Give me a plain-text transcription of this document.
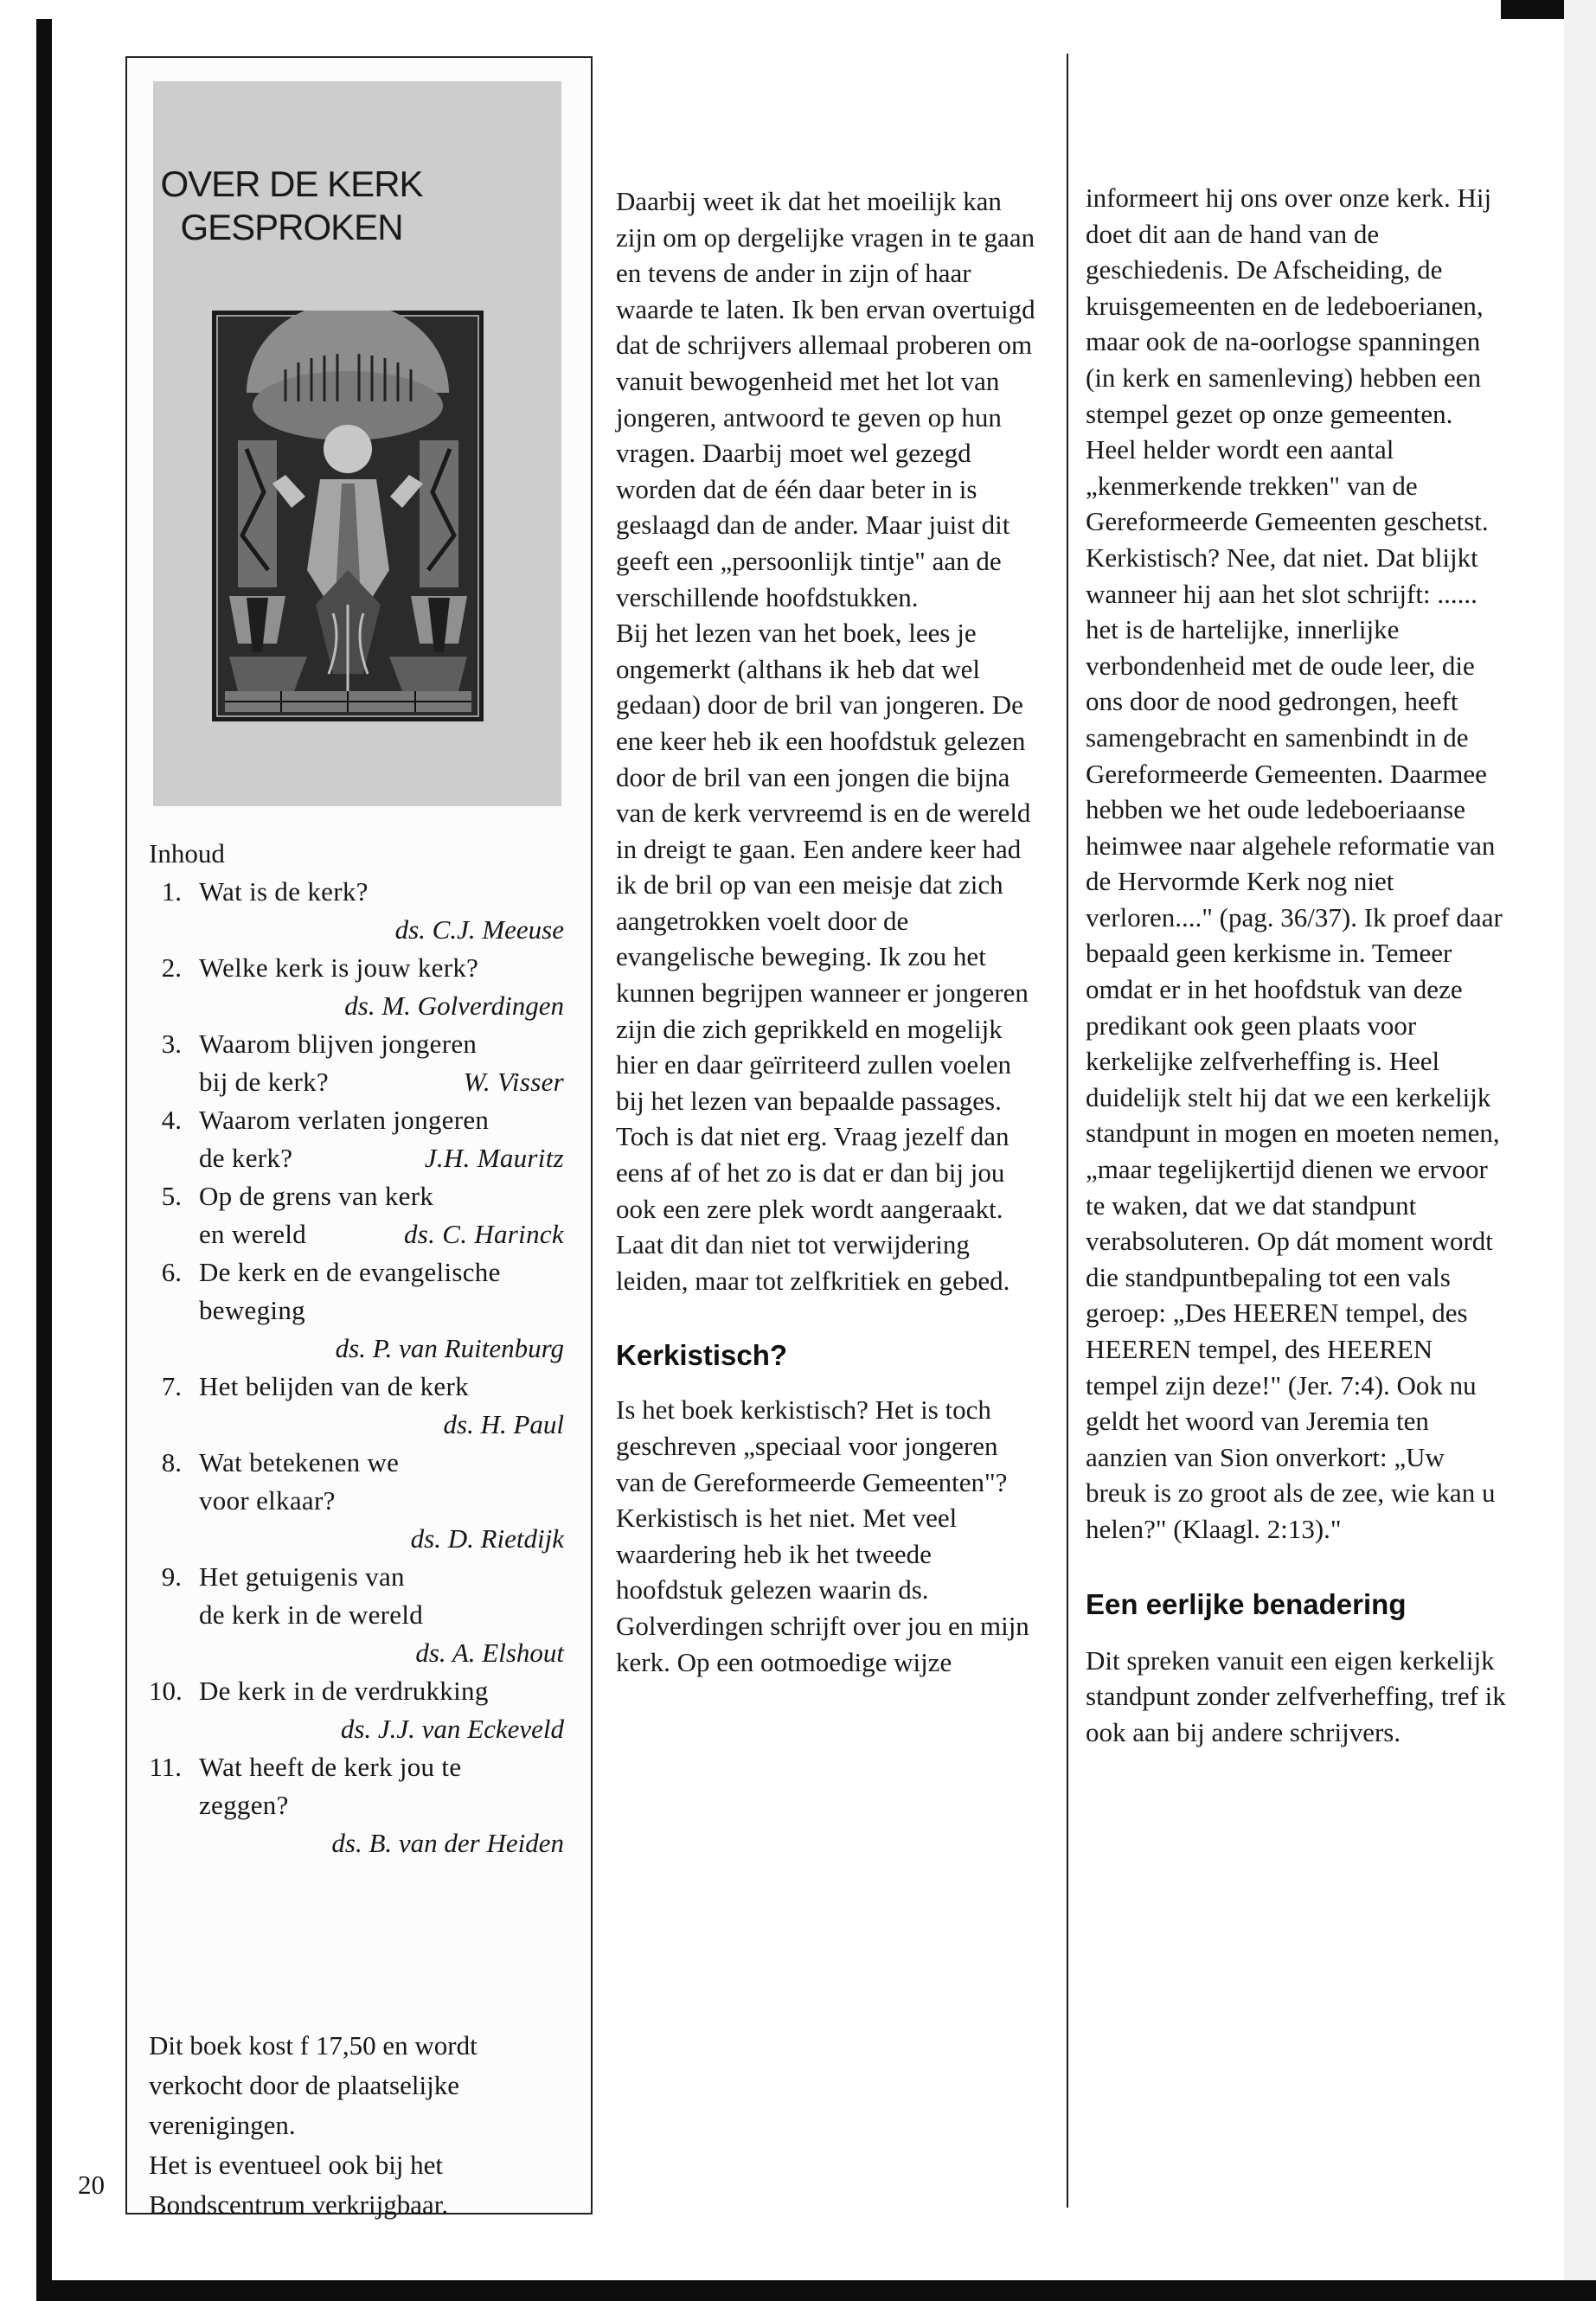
OVER DE KERK
GESPROKEN

Inhoud

1. Wat is de kerk?
ds. C.J. Meeuse
2. Welke kerk is jouw kerk?
ds. M. Golverdingen
3. Waarom blijven jongeren
bij de kerk?	W. Visser
4. Waarom verlaten jongeren
de kerk?	J.H. Mauritz
5. Op de grens van kerk
en wereld	ds. C. Harinck
6. De kerk en de evangelische
beweging
ds. P. van Ruitenburg
7. Het belijden van de kerk
ds. H. Paul
8. Wat betekenen we
voor elkaar?
ds. D. Rietdijk
9. Het getuigenis van
de kerk in de wereld
ds. A. Elshout
10. De kerk in de verdrukking
ds. J.J. van Eckeveld
11. Wat heeft de kerk jou te
zeggen?
ds. B. van der Heiden

Dit boek kost f 17,50 en wordt verkocht door de plaatselijke verenigingen.

Het is eventueel ook bij het Bondscentrum verkrijgbaar.

20

Daarbij weet ik dat het moeilijk kan zijn om op dergelijke vragen in te gaan en tevens de ander in zijn of haar waarde te laten. Ik ben ervan overtuigd dat de schrijvers allemaal proberen om vanuit bewogenheid met het lot van jongeren, antwoord te geven op hun vragen. Daarbij moet wel gezegd worden dat de één daar beter in is geslaagd dan de ander. Maar juist dit geeft een „persoonlijk tintje" aan de verschillende hoofdstukken.

Bij het lezen van het boek, lees je ongemerkt (althans ik heb dat wel gedaan) door de bril van jongeren. De ene keer heb ik een hoofdstuk gelezen door de bril van een jongen die bijna van de kerk vervreemd is en de wereld in dreigt te gaan. Een andere keer had ik de bril op van een meisje dat zich aangetrokken voelt door de evangelische beweging. Ik zou het kunnen begrijpen wanneer er jongeren zijn die zich geprikkeld en mogelijk hier en daar geïrriteerd zullen voelen bij het lezen van bepaalde passages. Toch is dat niet erg. Vraag jezelf dan eens af of het zo is dat er dan bij jou ook een zere plek wordt aangeraakt. Laat dit dan niet tot verwijdering leiden, maar tot zelfkritiek en gebed.

Kerkistisch?

Is het boek kerkistisch? Het is toch geschreven „speciaal voor jongeren van de Gereformeerde Gemeenten"? Kerkistisch is het niet. Met veel waardering heb ik het tweede hoofdstuk gelezen waarin ds. Golverdingen schrijft over jou en mijn kerk. Op een ootmoedige wijze

informeert hij ons over onze kerk. Hij doet dit aan de hand van de geschiedenis. De Afscheiding, de kruisgemeenten en de ledeboerianen, maar ook de na-oorlogse spanningen (in kerk en samenleving) hebben een stempel gezet op onze gemeenten. Heel helder wordt een aantal „kenmerkende trekken" van de Gereformeerde Gemeenten geschetst. Kerkistisch? Nee, dat niet. Dat blijkt wanneer hij aan het slot schrijft: ...... het is de hartelijke, innerlijke verbondenheid met de oude leer, die ons door de nood gedrongen, heeft samengebracht en samenbindt in de Gereformeerde Gemeenten. Daarmee hebben we het oude ledeboeriaanse heimwee naar algehele reformatie van de Hervormde Kerk nog niet verloren...." (pag. 36/37). Ik proef daar bepaald geen kerkisme in. Temeer omdat er in het hoofdstuk van deze predikant ook geen plaats voor kerkelijke zelfverheffing is. Heel duidelijk stelt hij dat we een kerkelijk standpunt in mogen en moeten nemen, „maar tegelijkertijd dienen we ervoor te waken, dat we dat standpunt verabsoluteren. Op dát moment wordt die standpuntbepaling tot een vals geroep: „Des HEEREN tempel, des HEEREN tempel, des HEEREN tempel zijn deze!" (Jer. 7:4). Ook nu geldt het woord van Jeremia ten aanzien van Sion onverkort: „Uw breuk is zo groot als de zee, wie kan u helen?" (Klaagl. 2:13)."

Een eerlijke benadering

Dit spreken vanuit een eigen kerkelijk standpunt zonder zelfverheffing, tref ik ook aan bij andere schrijvers.
